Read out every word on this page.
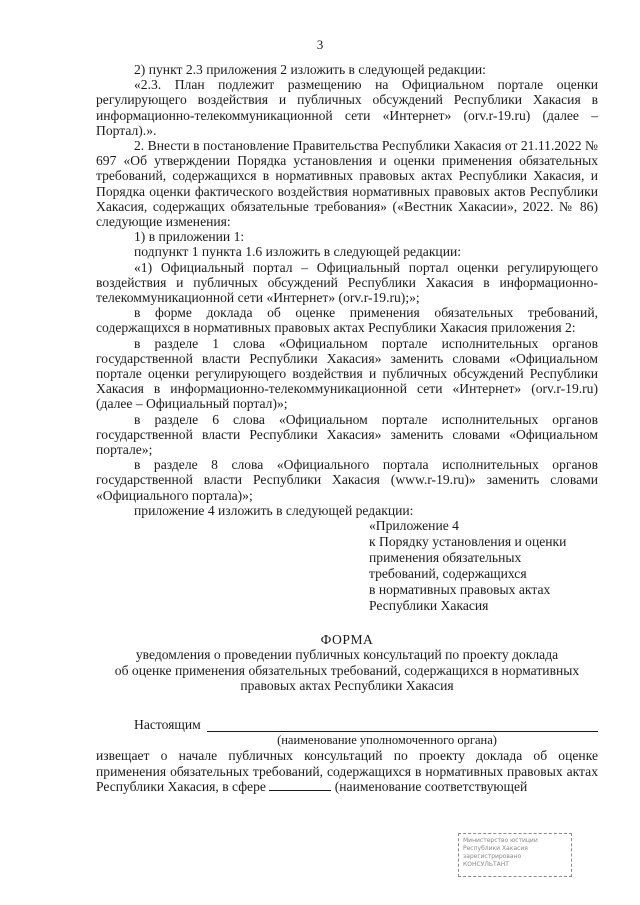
3

2) пункт 2.3 приложения 2 изложить в следующей редакции:

«2.3. План подлежит размещению на Официальном портале оценки регулирующего воздействия и публичных обсуждений Республики Хакасия в информационно-телекоммуникационной сети «Интернет» (orv.r-19.ru) (далее – Портал).».

2. Внести в постановление Правительства Республики Хакасия от 21.11.2022 № 697 «Об утверждении Порядка установления и оценки применения обязательных требований, содержащихся в нормативных правовых актах Республики Хакасия, и Порядка оценки фактического воздействия нормативных правовых актов Республики Хакасия, содержащих обязательные требования» («Вестник Хакасии», 2022. № 86) следующие изменения:

1) в приложении 1:

подпункт 1 пункта 1.6 изложить в следующей редакции:

«1) Официальный портал – Официальный портал оценки регулирующего воздействия и публичных обсуждений Республики Хакасия в информационно-телекоммуникационной сети «Интернет» (orv.r-19.ru);»;

в форме доклада об оценке применения обязательных требований, содержащихся в нормативных правовых актах Республики Хакасия приложения 2:

в разделе 1 слова «Официальном портале исполнительных органов государственной власти Республики Хакасия» заменить словами «Официальном портале оценки регулирующего воздействия и публичных обсуждений Республики Хакасия в информационно-телекоммуникационной сети «Интернет» (orv.r-19.ru) (далее – Официальный портал)»;

в разделе 6 слова «Официальном портале исполнительных органов государственной власти Республики Хакасия» заменить словами «Официальном портале»;

в разделе 8 слова «Официального портала исполнительных органов государственной власти Республики Хакасия (www.r-19.ru)» заменить словами «Официального портала)»;

приложение 4 изложить в следующей редакции:

«Приложение 4
к Порядку установления и оценки
применения обязательных
требований, содержащихся
в нормативных правовых актах
Республики Хакасия
ФОРМА
уведомления о проведении публичных консультаций по проекту доклада
об оценке применения обязательных требований, содержащихся в нормативных
правовых актах Республики Хакасия
Настоящим
(наименование уполномоченного органа)

извещает о начале публичных консультаций по проекту доклада об оценке применения обязательных требований, содержащихся в нормативных правовых актах Республики Хакасия, в сфере	(наименование соответствующей

Министерство юстиции
Республики Хакасия
зарегистрировано
КОНСУЛЬТАНТ
